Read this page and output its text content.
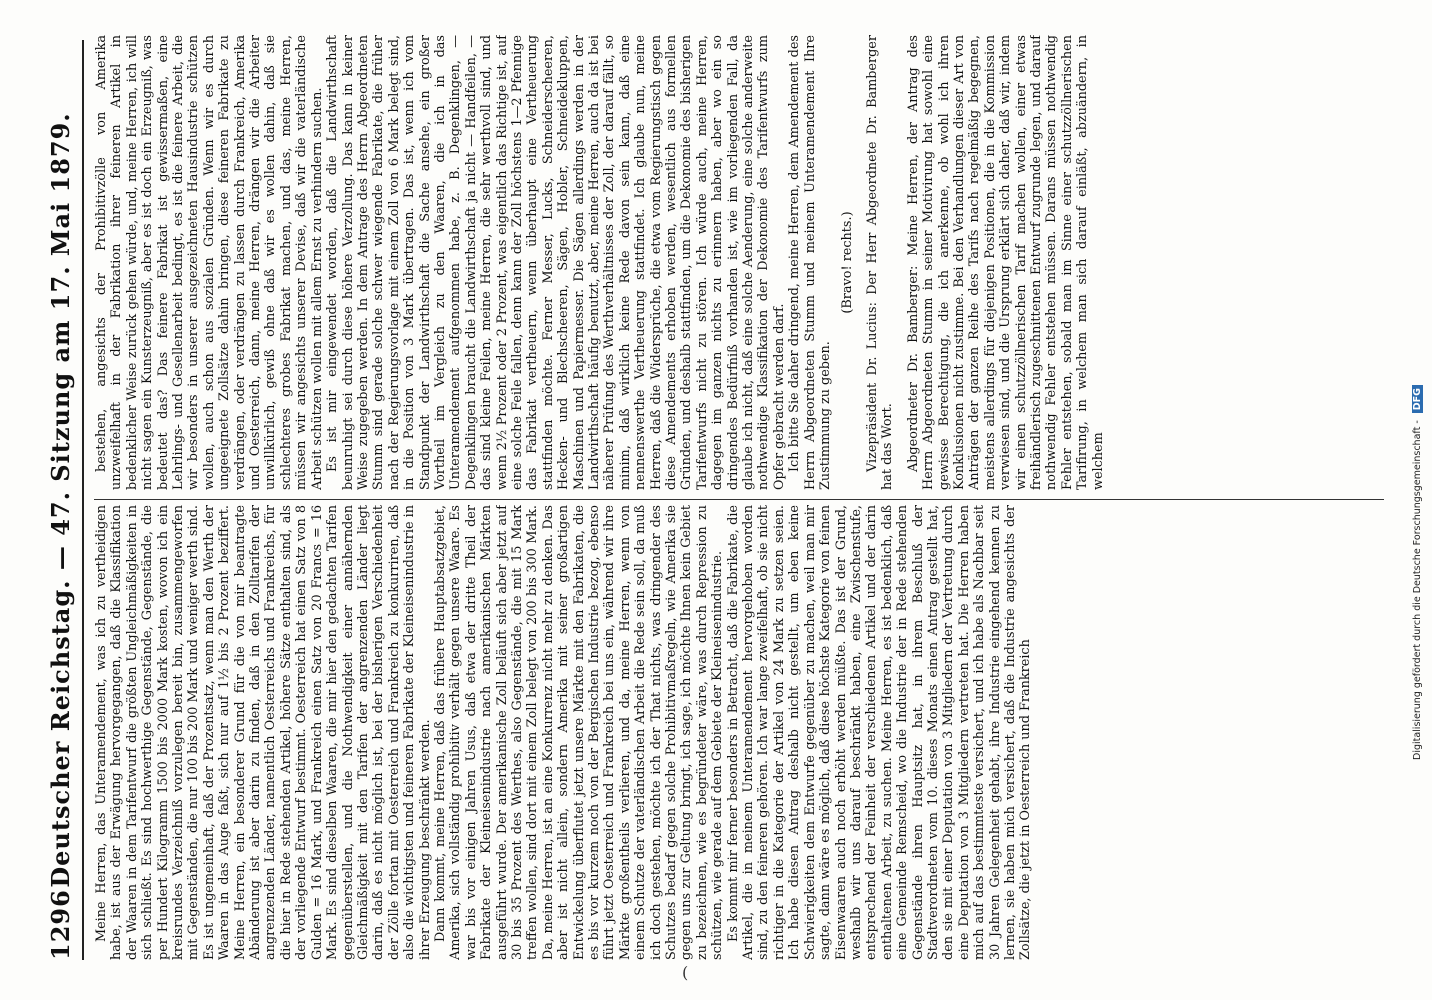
1296
Deutscher Reichstag. — 47. Sitzung am 17. Mai 1879. Meine Herren, das Unteramendement, was ich zu vertheidigen habe, ist aus der Erwägung hervorgegangen, daß die Klassifikation der Waaren in dem Tarifentwurf die größten Ungleichmäßigkeiten in sich schließt. Es sind hochwerthige Gegenstände, Gegenstände, die per Hundert Kilogramm 1500 bis 2000 Mark kosten, wovon ich ein kreisrundes Verzeichniß vorzulegen bereit bin, zusammengeworfen mit Gegenständen, die nur 100 bis 200 Mark und weniger werth sind. Es ist ungemeinhaft, daß der Prozentsatz, wenn man den Werth der Waaren in das Auge faßt, sich nur auf 1½ bis 2 Prozent beziffert. Meine Herren, ein besonderer Grund für die von mir beantragte Abänderung ist aber darin zu finden, daß in den Zolltarifen der angrenzenden Länder, namentlich Oesterreichs und Frankreichs, für die hier in Rede stehenden Artikel, höhere Sätze enthalten sind, als der vorliegende Entwurf bestimmt. Oesterreich hat einen Satz von 8 Gulden = 16 Mark, und Frankreich einen Satz von 20 Francs = 16 Mark. Es sind dieselben Waaren, die mir hier den gedachten Tarifen gegenüberstellen, und die Nothwendigkeit einer annähernden Gleichmäßigkeit mit den Tarifen der angrenzenden Länder liegt darin, daß es nicht möglich ist, bei der bisherigen Verschiedenheit der Zölle fortan mit Oesterreich und Frankreich zu konkurriren, daß also die wichtigsten und feineren Fabrikate der Kleineisenindustrie in ihrer Erzeugung beschränkt werden. Dann kommt, meine Herren, daß das frühere Hauptabsatzgebiet, Amerika, sich vollständig prohibitiv verhält gegen unsere Waare. Es war bis vor einigen Jahren Usus, daß etwa der dritte Theil der Fabrikate der Kleineisenindustrie nach amerikanischen Märkten ausgeführt wurde. Der amerikanische Zoll beläuft sich aber jetzt auf 30 bis 35 Prozent des Werthes, also Gegenstände, die mit 15 Mark treffen wollen, sind dort mit einem Zoll belegt von 200 bis 300 Mark. Da, meine Herren, ist an eine Konkurrenz nicht mehr zu denken. Das aber ist nicht allein, sondern Amerika mit seiner großartigen Entwickelung überflutet jetzt unsere Märkte mit den Fabrikaten, die es bis vor kurzem noch von der Bergischen Industrie bezog, ebenso führt jetzt Oesterreich und Frankreich bei uns ein, während wir ihre Märkte großentheils verlieren, und da, meine Herren, wenn von einem Schutze der vaterländischen Arbeit die Rede sein soll, da muß ich doch gestehen, möchte ich der That nichts, was dringender des Schutzes bedarf gegen solche Prohibitivmaßregeln, wie Amerika sie gegen uns zur Geltung bringt, ich sage, ich möchte Ihnen kein Gebiet zu bezeichnen, wie es begründeter wäre, was durch Repression zu schützen, wie gerade auf dem Gebiete der Kleineisenindustrie. Es kommt mir ferner besonders in Betracht, daß die Fabrikate, die Artikel, die in meinem Unteramendement hervorgehoben worden sind, zu den feineren gehören. Ich war lange zweifelhaft, ob sie nicht richtiger in die Kategorie der Artikel von 24 Mark zu setzen seien. Ich habe diesen Antrag deshalb nicht gestellt, um eben keine Schwierigkeiten dem Entwurfe gegenüber zu machen, weil man mir sagte, dann wäre es möglich, daß diese höchste Kategorie von feinen Eisenwaaren auch noch erhöht werden müßte. Das ist der Grund, weshalb wir uns darauf beschränkt haben, eine Zwischenstufe, entsprechend der Feinheit der verschiedenen Artikel und der darin enthaltenen Arbeit, zu suchen. Meine Herren, es ist bedenklich, daß eine Gemeinde Remscheid, wo die Industrie der in Rede stehenden Gegenstände ihren Hauptsitz hat, in ihrem Beschluß der Stadtverordneten vom 10. dieses Monats einen Antrag gestellt hat, den sie mit einer Deputation von 3 Mitgliedern der Vertretung durch eine Deputation von 3 Mitgliedern vertreten hat. Die Herren haben mich auf das bestimmteste versichert, und ich habe als Nachbar seit 30 Jahren Gelegenheit gehabt, ihre Industrie eingehend kennen zu lernen, sie haben mich versichert, daß die Industrie angesichts der Zollsätze, die jetzt in Oesterreich und Frankreich

bestehen, angesichts der Prohibitivzölle von Amerika unzweifelhaft in der Fabrikation ihrer feineren Artikel in bedenklicher Weise zurück gehen würde, und, meine Herren, ich will nicht sagen ein Kunsterzeugniß, aber es ist doch ein Erzeugniß, was bedeutet das? Das feinere Fabrikat ist gewissermaßen, eine Lehrlings- und Gesellenarbeit bedingt, es ist die feinere Arbeit, die wir besonders in unserer ausgezeichneten Hausindustrie schützen wollen, auch schon aus sozialen Gründen. Wenn wir es durch ungeeignete Zollsätze dahin bringen, diese feineren Fabrikate zu verdrängen, oder verdrängen zu lassen durch Frankreich, Amerika und Oesterreich, dann, meine Herren, drängen wir die Arbeiter unwillkürlich, gewiß ohne daß wir es wollen dahin, daß sie schlechteres grobes Fabrikat machen, und das, meine Herren, müssen wir angesichts unserer Devise, daß wir die vaterländische Arbeit schützen wollen mit allem Ernst zu verhindern suchen. Es ist mir eingewendet worden, daß die Landwirthschaft beunruhigt sei durch diese höhere Verzollung. Das kann in keiner Weise zugegeben werden. In dem Antrage des Herrn Abgeordneten Stumm sind gerade solche schwer wiegende Fabrikate, die früher nach der Regierungsvorlage mit einem Zoll von 6 Mark belegt sind, in die Position von 3 Mark übertragen. Das ist, wenn ich vom Standpunkt der Landwirthschaft die Sache ansehe, ein großer Vortheil im Vergleich zu den Waaren, die ich in das Unteramendement aufgenommen habe, z. B. Degenklingen, — Degenklingen braucht die Landwirthschaft ja nicht — Handfeilen, — das sind kleine Feilen, meine Herren, die sehr werthvoll sind, und wenn 2½ Prozent oder 2 Prozent, was eigentlich das Richtige ist, auf eine solche Feile fallen, denn kann der Zoll höchstens 1—2 Pfennige das Fabrikat vertheuern, wenn überhaupt eine Vertheuerung stattfinden möchte. Ferner Messer, Lucks, Schneiderscheeren, Hecken- und Blechscheeren, Sägen, Hobler, Schneidekluppen, Maschinen und Papiermesser. Die Sägen allerdings werden in der Landwirthschaft häufig benutzt, aber, meine Herren, auch da ist bei näherer Prüfung des Werthverhältnisses der Zoll, der darauf fällt, so minim, daß wirklich keine Rede davon sein kann, daß eine nennenswerthe Vertheuerung stattfindet. Ich glaube nun, meine Herren, daß die Widersprüche, die etwa vom Regierungstisch gegen diese Amendements erhoben werden, wesentlich aus formellen Gründen, und deshalb stattfinden, um die Dekonomie des bisherigen Tarifentwurfs nicht zu stören. Ich würde auch, meine Herren, dagegen im ganzen nichts zu erinnern haben, aber wo ein so dringendes Bedürfniß vorhanden ist, wie im vorliegenden Fall, da glaube ich nicht, daß eine solche Aenderung, eine solche anderweite nothwendige Klassifikation der Dekonomie des Tarifentwurfs zum Opfer gebracht werden darf. Ich bitte Sie daher dringend, meine Herren, dem Amendement des Herrn Abgeordneten Stumm und meinem Unteramendement Ihre Zustimmung zu geben.

(Bravo! rechts.) Vizepräsident Dr. Lucius: Der Herr Abgeordnete Dr. Bamberger hat das Wort. Abgeordneter Dr. Bamberger: Meine Herren, der Antrag des Herrn Abgeordneten Stumm in seiner Motivirung hat sowohl eine gewisse Berechtigung, die ich anerkenne, ob wohl ich ihren Konklusionen nicht zustimme. Bei den Verhandlungen dieser Art von Anträgen der ganzen Reihe des Tarifs nach regelmäßig begegnen, meistens allerdings für diejenigen Positionen, die in die Kommission verwiesen sind, und die Ursprung erklärt sich daher, daß wir, indem wir einen schutzzöllnerischen Tarif machen wollen, einer etwas freihändlerisch zugeschnittenen Entwurf zugrunde legen, und darauf nothwendig Fehler entstehen müssen. Darans müssen nothwendig Fehler entstehen, sobald man im Sinne einer schutzzöllnerischen Tarifirung, in welchem man sich darauf einläßt, abzuändern, in welchem	Digitalisierung gefördert durch die Deutsche Forschungsgemeinschaft - DFG
(
